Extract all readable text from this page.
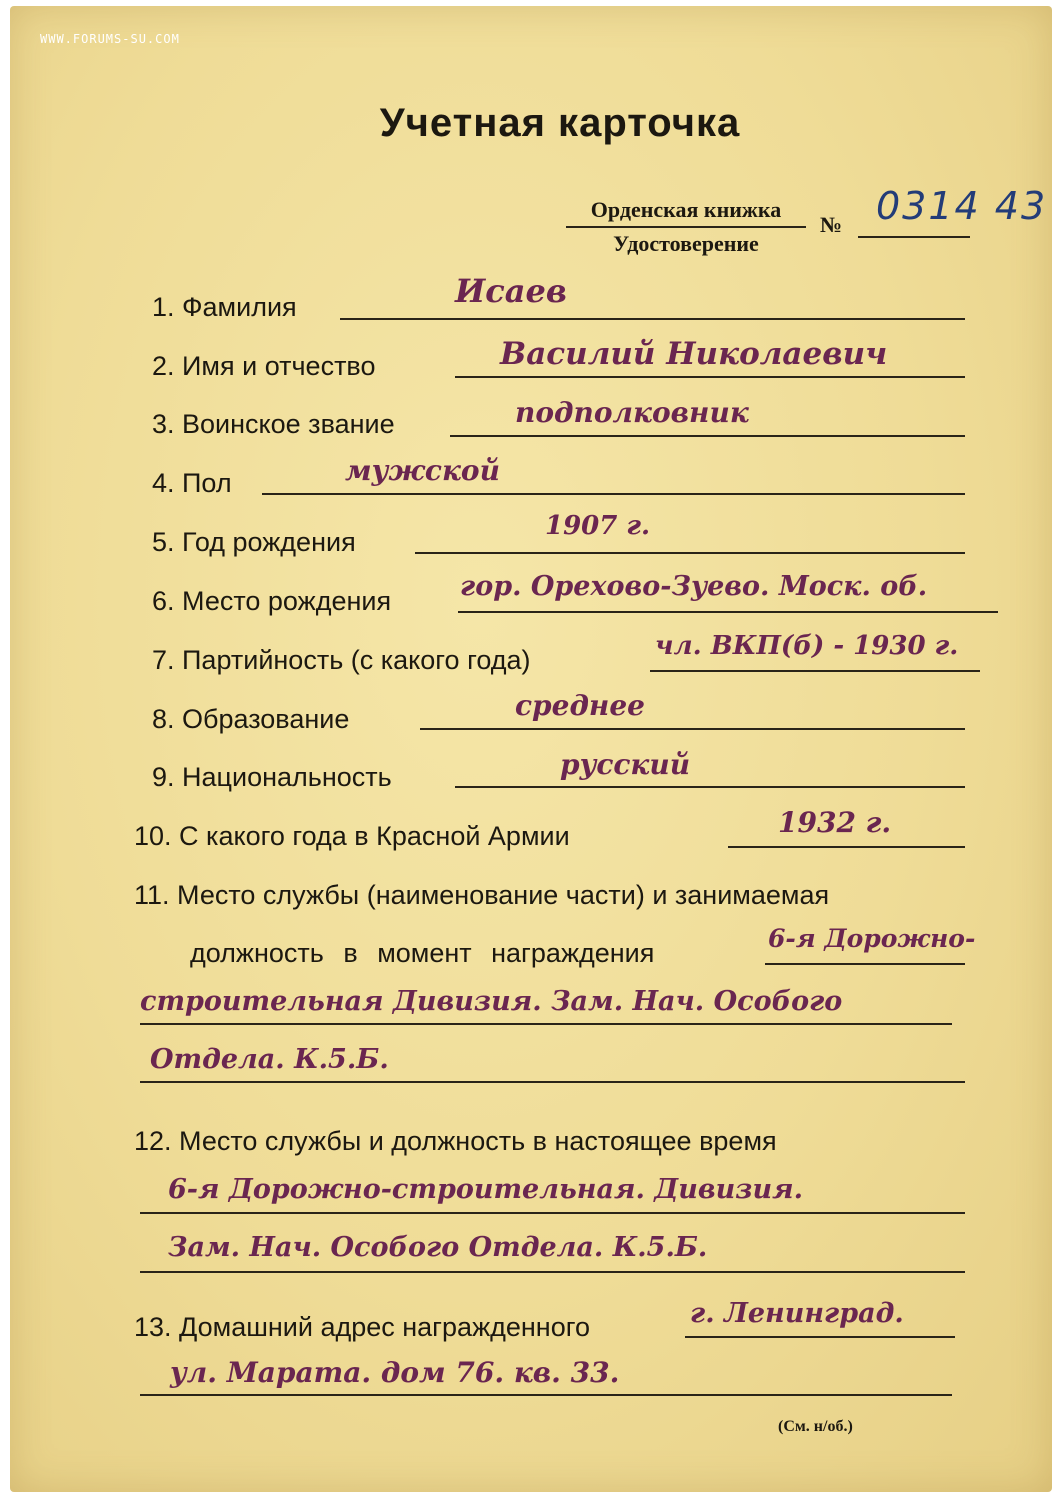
WWW.FORUMS-SU.COM
Учетная карточка
Орденская книжка
Удостоверение
№ 0314 43
1. Фамилия	Исаев
2. Имя и отчество	Василий Николаевич
3. Воинское звание	подполковник
4. Пол	мужской
5. Год рождения
1907 г.
6. Место рождения	гор. Орехово-Зуево. Моск. об.
7. Партийность (с какого года)	чл. ВКП(б) - 1930 г.
8. Образование	среднее
9. Национальность	русский
10. С какого года в Красной Армии	1932 г.
11. Место службы (наименование части) и занимаемая
должность в момент награждения	6-я Дорожно-
строительная Дивизия. Зам. Нач. Особого
Отдела. К.5.Б.
12. Место службы и должность в настоящее время
6-я Дорожно-строительная. Дивизия.
Зам. Нач. Особого Отдела. К.5.Б.
13. Домашний адрес награжденного	г. Ленинград.
ул. Марата. дом 76. кв. 33.
(См. н/об.)
